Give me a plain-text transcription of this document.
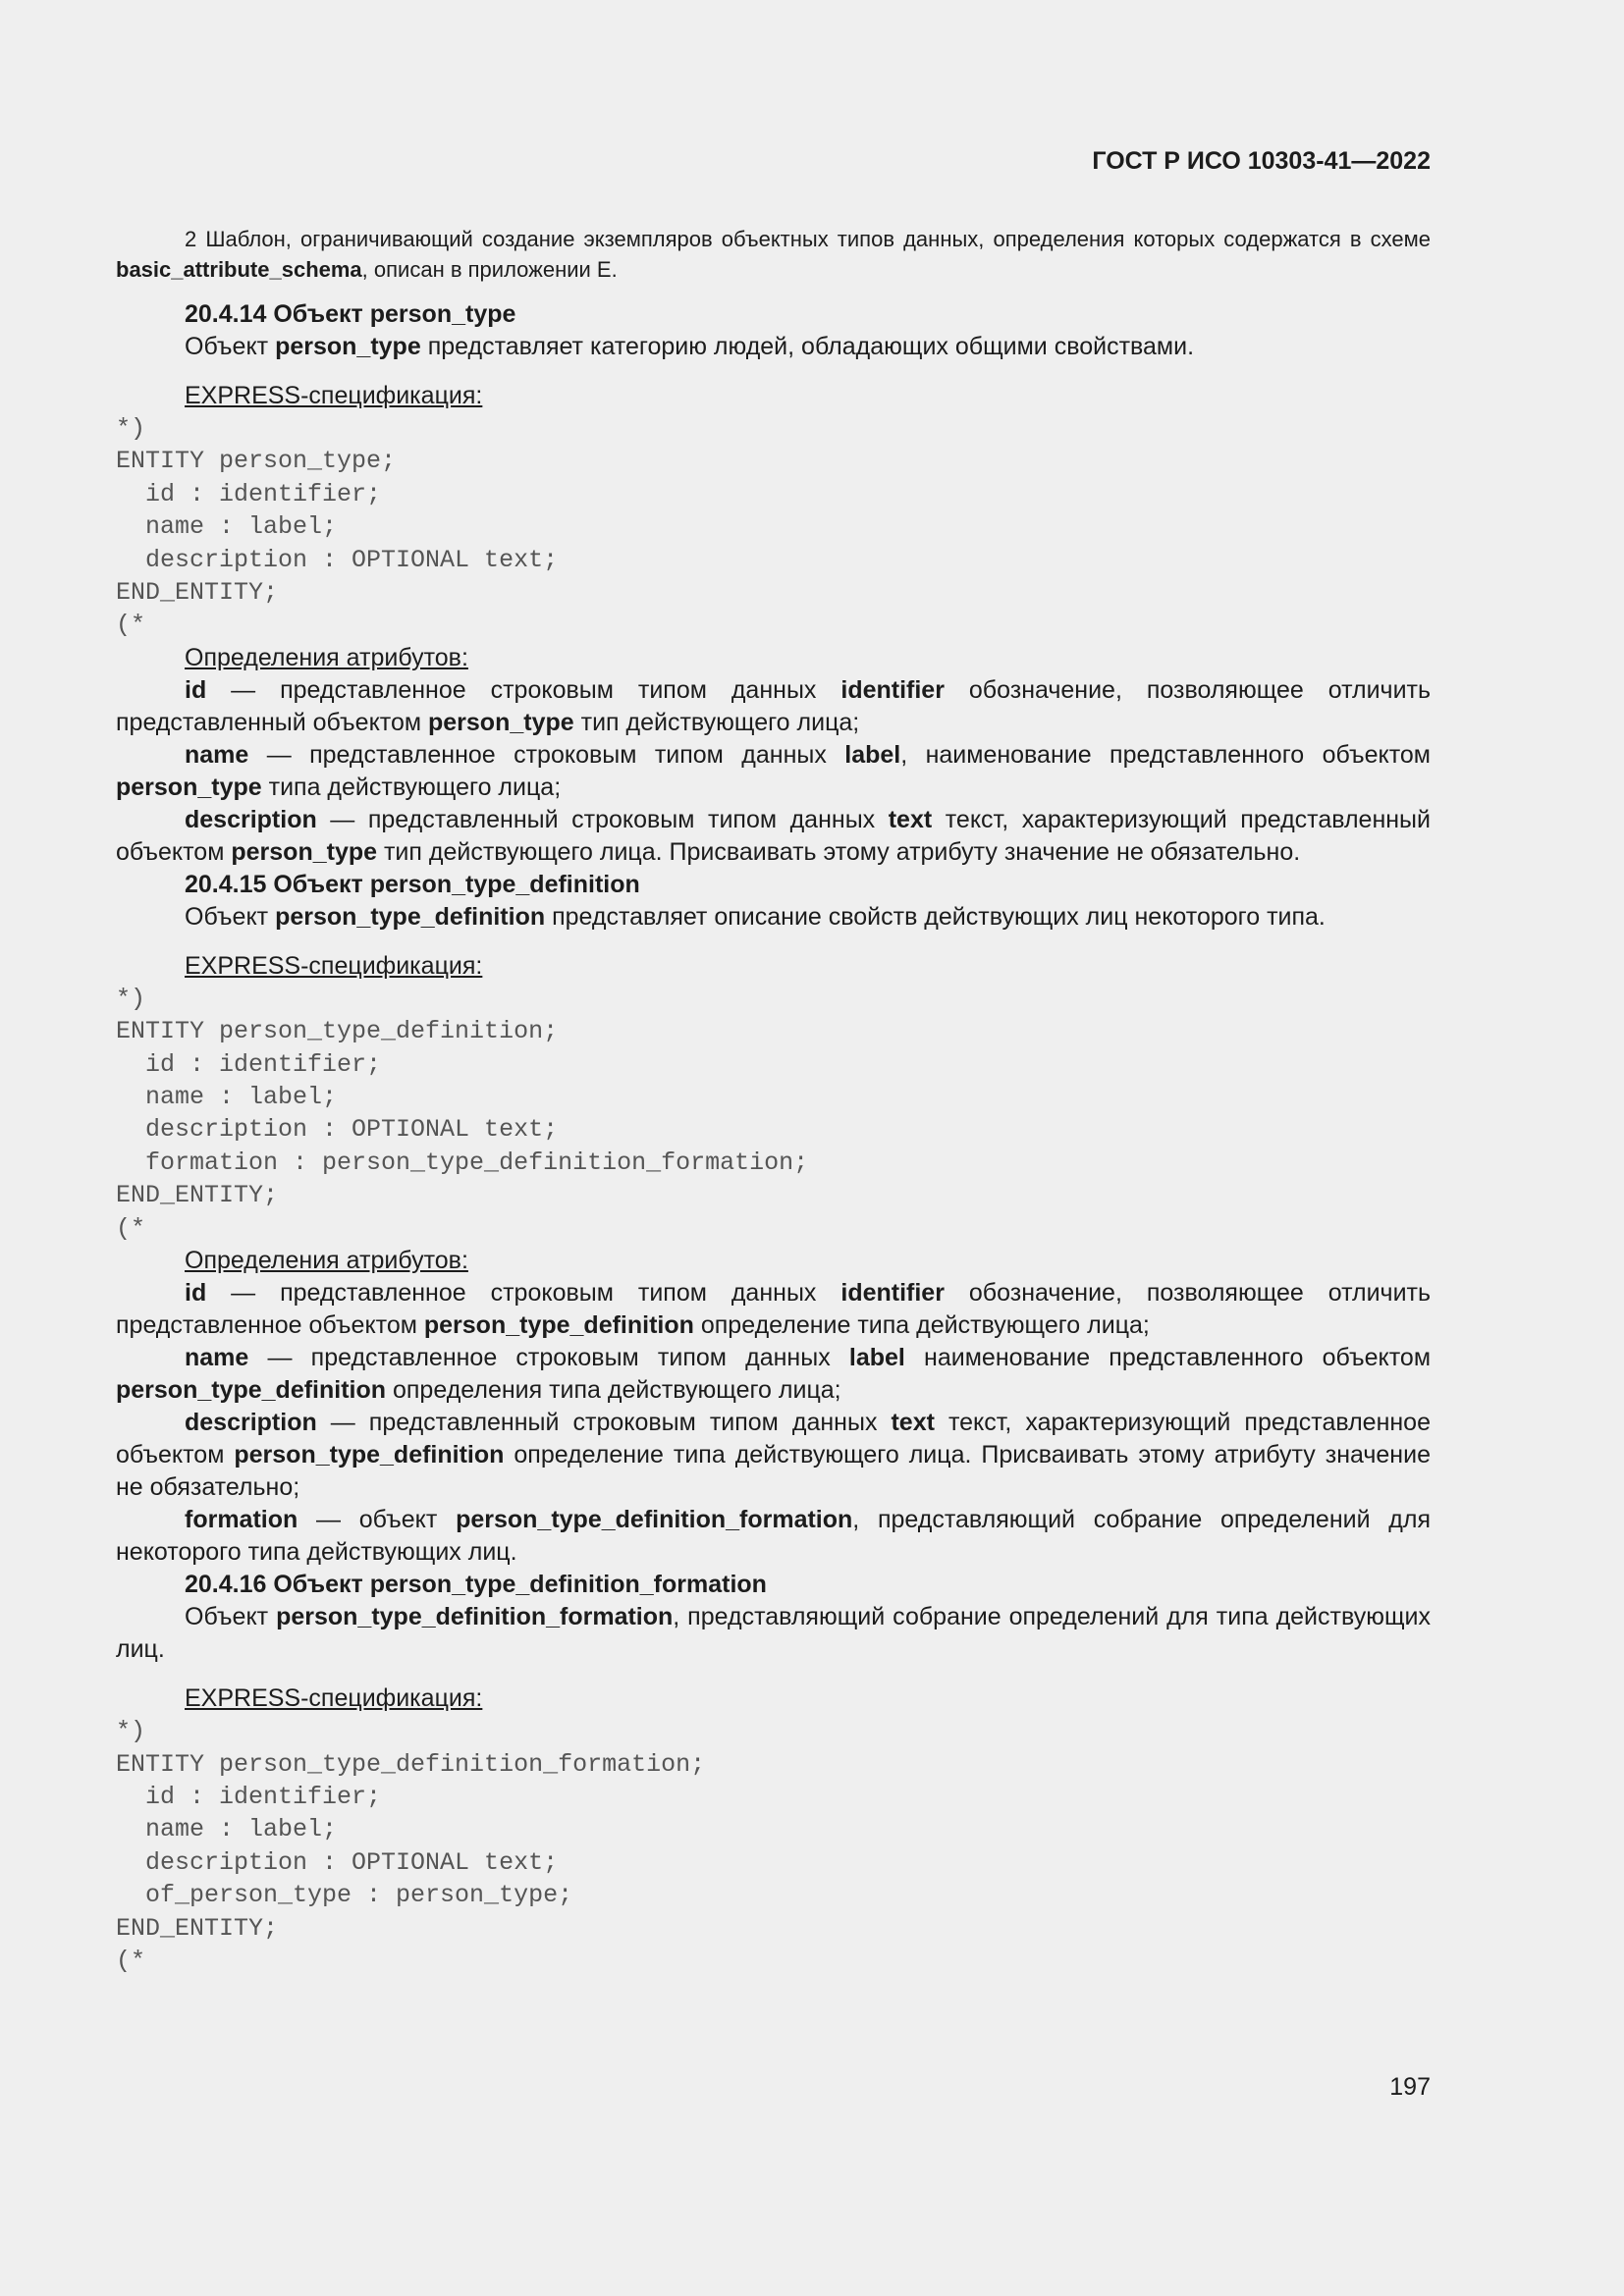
ГОСТ Р ИСО 10303-41—2022

2 Шаблон, ограничивающий создание экземпляров объектных типов данных, определения которых содержатся в схеме basic_attribute_schema, описан в приложении E.

20.4.14 Объект person_type

Объект person_type представляет категорию людей, обладающих общими свойствами.

EXPRESS-спецификация:

*)
ENTITY person_type;
id : identifier;
name : label;
description : OPTIONAL text;
END_ENTITY;
(*

Определения атрибутов:

id — представленное строковым типом данных identifier обозначение, позволяющее отличить представленный объектом person_type тип действующего лица;

name — представленное строковым типом данных label, наименование представленного объектом person_type типа действующего лица;

description — представленный строковым типом данных text текст, характеризующий представленный объектом person_type тип действующего лица. Присваивать этому атрибуту значение не обязательно.

20.4.15 Объект person_type_definition

Объект person_type_definition представляет описание свойств действующих лиц некоторого типа.

EXPRESS-спецификация:

*)
ENTITY person_type_definition;
id : identifier;
name : label;
description : OPTIONAL text;
formation : person_type_definition_formation;
END_ENTITY;
(*

Определения атрибутов:

id — представленное строковым типом данных identifier обозначение, позволяющее отличить представленное объектом person_type_definition определение типа действующего лица;

name — представленное строковым типом данных label наименование представленного объектом person_type_definition определения типа действующего лица;

description — представленный строковым типом данных text текст, характеризующий представленное объектом person_type_definition определение типа действующего лица. Присваивать этому атрибуту значение не обязательно;

formation — объект person_type_definition_formation, представляющий собрание определений для некоторого типа действующих лиц.

20.4.16 Объект person_type_definition_formation

Объект person_type_definition_formation, представляющий собрание определений для типа действующих лиц.

EXPRESS-спецификация:

*)
ENTITY person_type_definition_formation;
id : identifier;
name : label;
description : OPTIONAL text;
of_person_type : person_type;
END_ENTITY;
(*
197
